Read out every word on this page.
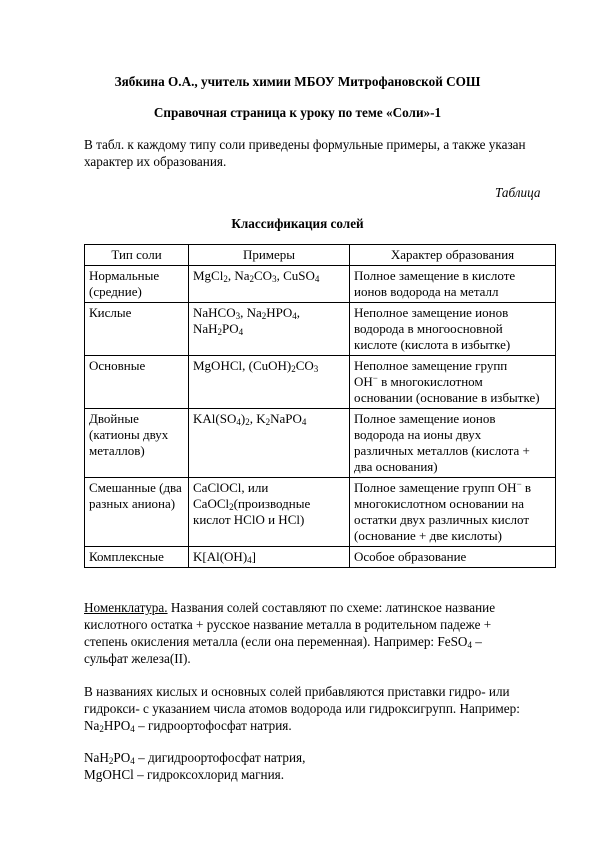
Зябкина О.А., учитель химии МБОУ Митрофановской СОШ
Справочная страница к уроку по теме «Соли»-1
В табл. к каждому типу соли приведены формульные примеры, а также указан
характер их образования.
Таблица
Классификация солей
Тип соли	Примеры	Характер образования

Нормальные
(средние)	MgCl$_2$, $Na_2CO_3$, CuSO$_4$	Полное замещение в кислоте
ионов водорода на металл

Кислые	NaHCO$_3$, $Na_2HPO_4$,
$NaH_2PO_4$	Неполное замещение ионов
водорода в многоосновной
кислоте (кислота в избытке)

Основные	MgOHCl, $(CuOH)_2CO_3$	Неполное замещение групп
OH− в многокислотном
основании (основание в избытке)

Двойные
(катионы двух
металлов)	$KAl(SO_4)_2$, $K_2NaPO_4$	Полное замещение ионов
водорода на ионы двух
различных металлов (кислота +
два основания)

Смешанные (два
разных аниона)	CaClOCl, или
CaOCl$_2$(производные
кислот HClO и HCl)	Полное замещение групп OH− в
многокислотном основании на
остатки двух различных кислот
(основание + две кислоты)

Комплексные	$K[Al(OH)_4]$	Особое образование
Номенклатура. Названия солей составляют по схеме: латинское название
кислотного остатка + русское название металла в родительном падеже +
степень окисления металла (если она переменная). Например: FeSO$_4$ –
сульфат железа(II).
В названиях кислых и основных солей прибавляются приставки гидро- или
гидрокси- с указанием числа атомов водорода или гидроксигрупп. Например:
$Na_2HPO_4$ – гидроортофосфат натрия.
$NaH_2PO_4$ – дигидроортофосфат натрия,
MgOHCl – гидроксохлорид магния.
